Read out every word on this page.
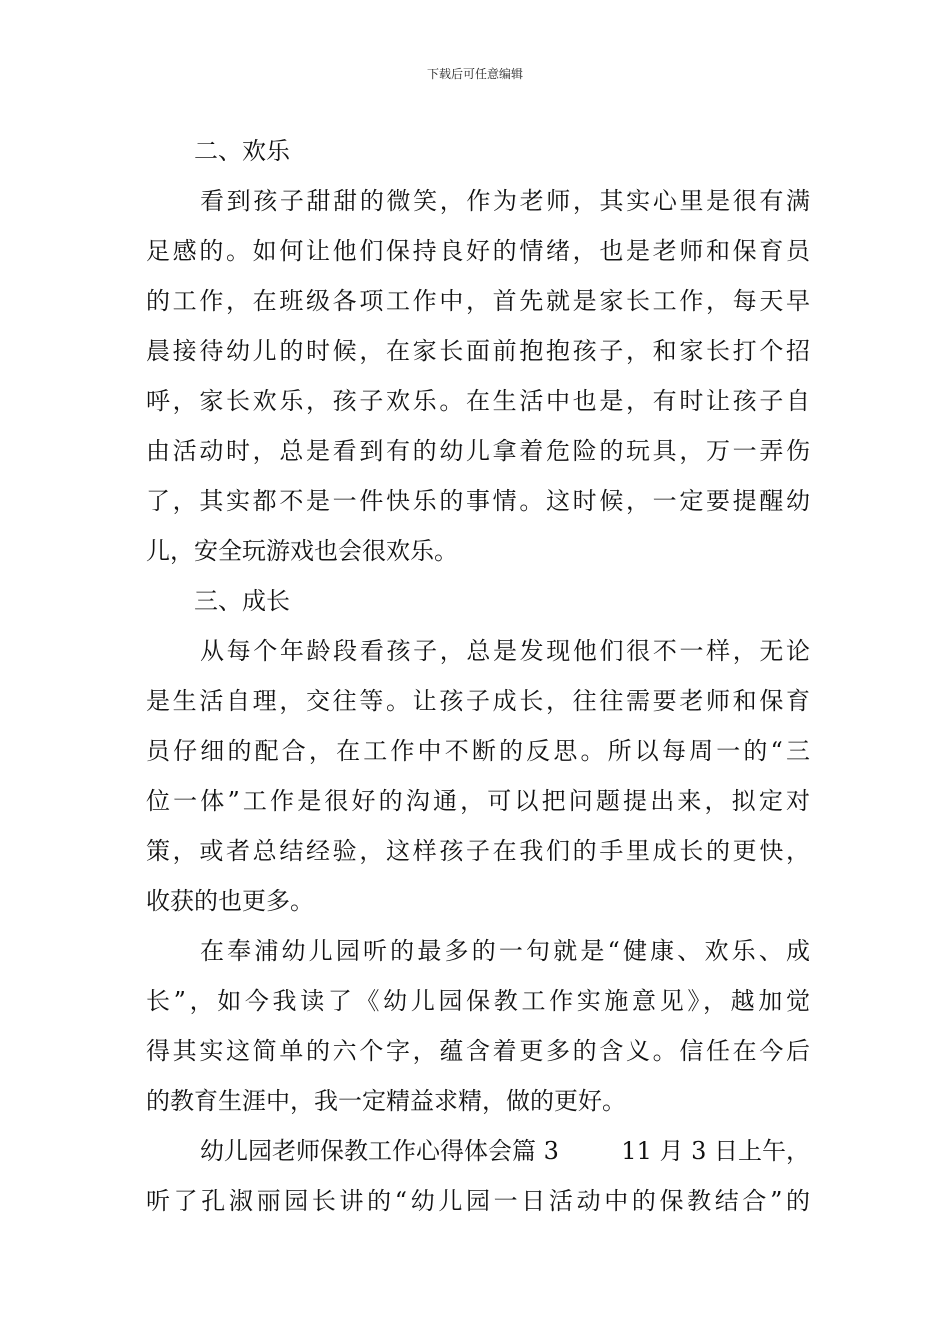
下载后可任意编辑
二、欢乐
看到孩子甜甜的微笑，作为老师，其实心里是很有满
足感的。如何让他们保持良好的情绪，也是老师和保育员
的工作，在班级各项工作中，首先就是家长工作，每天早
晨接待幼儿的时候，在家长面前抱抱孩子，和家长打个招
呼，家长欢乐，孩子欢乐。在生活中也是，有时让孩子自
由活动时，总是看到有的幼儿拿着危险的玩具，万一弄伤
了，其实都不是一件快乐的事情。这时候，一定要提醒幼
儿，安全玩游戏也会很欢乐。
三、成长
从每个年龄段看孩子，总是发现他们很不一样，无论
是生活自理，交往等。让孩子成长，往往需要老师和保育
员仔细的配合，在工作中不断的反思。所以每周一的“三
位一体”工作是很好的沟通，可以把问题提出来，拟定对
策，或者总结经验，这样孩子在我们的手里成长的更快，
收获的也更多。
在奉浦幼儿园听的最多的一句就是“健康、欢乐、成
长”，如今我读了《幼儿园保教工作实施意见》，越加觉
得其实这简单的六个字，蕴含着更多的含义。信任在今后
的教育生涯中，我一定精益求精，做的更好。
幼儿园老师保教工作心得体会篇 3	11 月 3 日上午，
听了孔淑丽园长讲的“幼儿园一日活动中的保教结合”的
